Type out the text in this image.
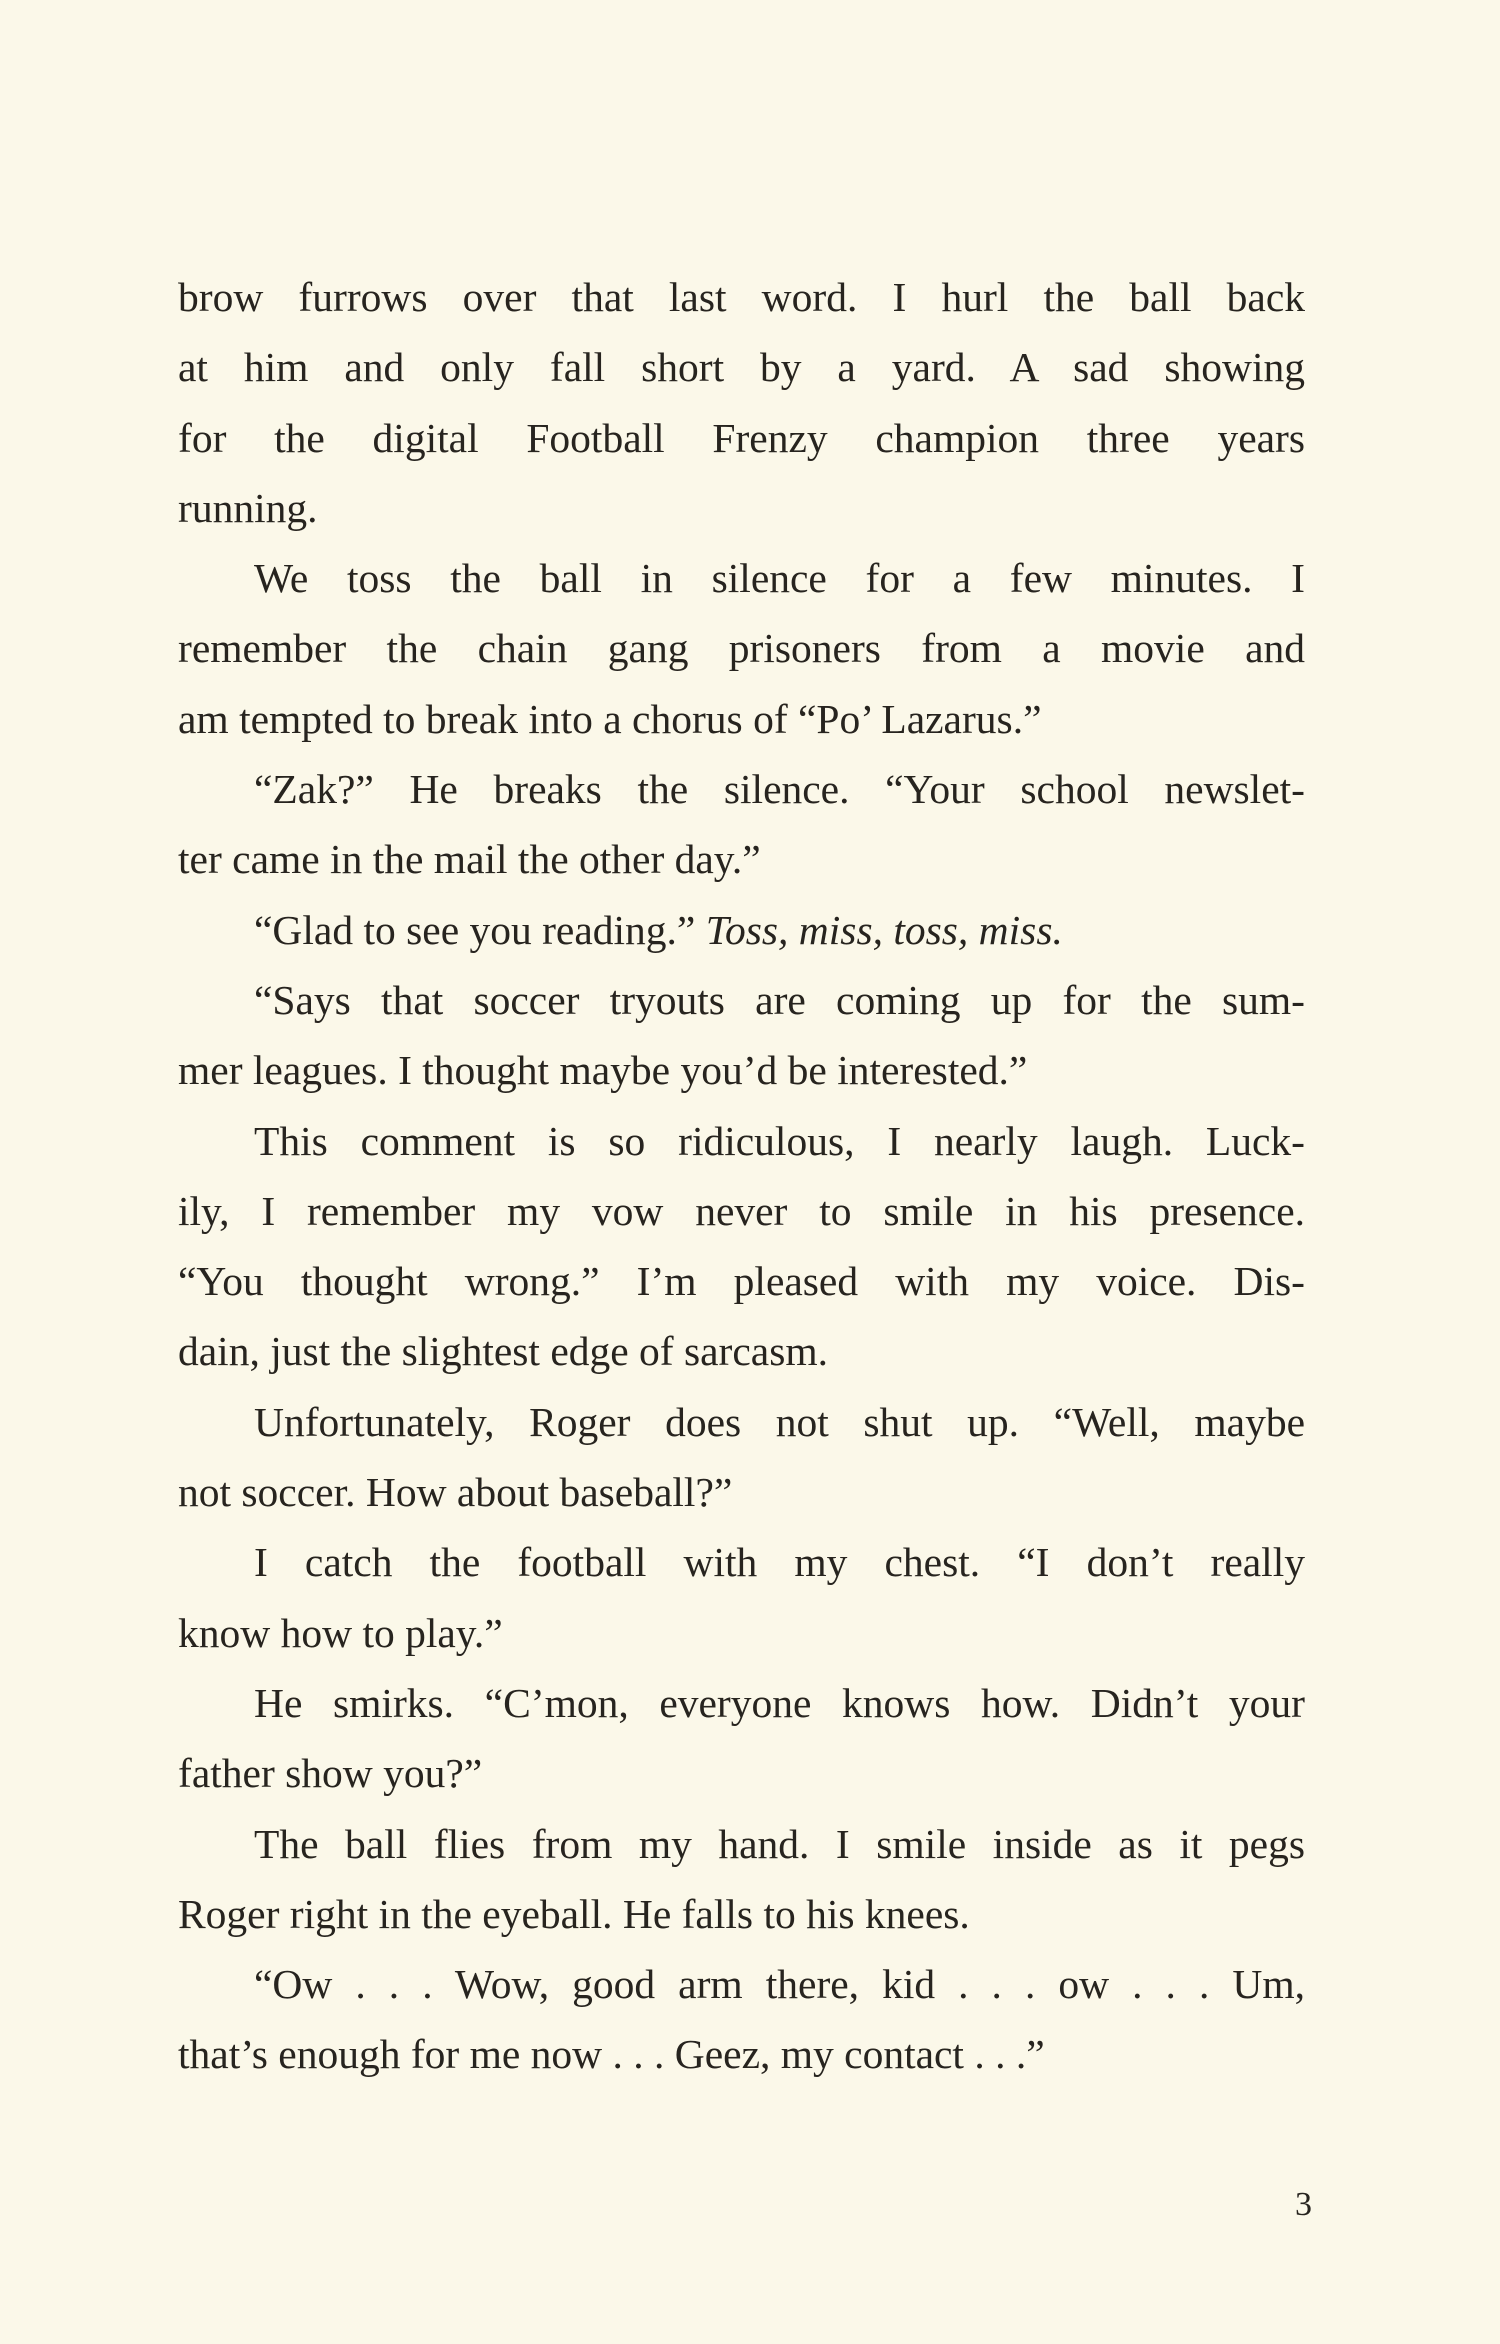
brow furrows over that last word. I hurl the ball back
at him and only fall short by a yard. A sad showing
for the digital Football Frenzy champion three years
running.
We toss the ball in silence for a few minutes. I
remember the chain gang prisoners from a movie and
am tempted to break into a chorus of “Po’ Lazarus.”
“Zak?” He breaks the silence. “Your school newslet-
ter came in the mail the other day.”
“Glad to see you reading.” Toss, miss, toss, miss.
“Says that soccer tryouts are coming up for the sum-
mer leagues. I thought maybe you’d be interested.”
This comment is so ridiculous, I nearly laugh. Luck-
ily, I remember my vow never to smile in his presence.
“You thought wrong.” I’m pleased with my voice. Dis-
dain, just the slightest edge of sarcasm.
Unfortunately, Roger does not shut up. “Well, maybe
not soccer. How about baseball?”
I catch the football with my chest. “I don’t really
know how to play.”
He smirks. “C’mon, everyone knows how. Didn’t your
father show you?”
The ball flies from my hand. I smile inside as it pegs
Roger right in the eyeball. He falls to his knees.
“Ow . . . Wow, good arm there, kid . . . ow . . . Um,
that’s enough for me now . . . Geez, my contact . . .”
3
